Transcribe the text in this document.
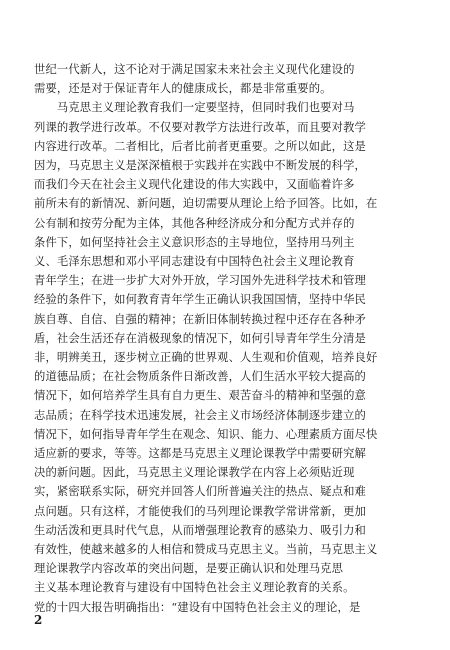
世纪一代新人，这不论对于满足国家未来社会主义现代化建设的
需要，还是对于保证青年人的健康成长，都是非常重要的。
　　马克思主义理论教育我们一定要坚持，但同时我们也要对马
列课的教学进行改革。不仅要对教学方法进行改革，而且要对教学
内容进行改革。二者相比，后者比前者更重要。之所以如此，这是
因为，马克思主义是深深植根于实践并在实践中不断发展的科学，
而我们今天在社会主义现代化建设的伟大实践中，又面临着许多
前所未有的新情况、新问题，迫切需要从理论上给予回答。比如，在
公有制和按劳分配为主体，其他各种经济成分和分配方式并存的
条件下，如何坚持社会主义意识形态的主导地位，坚持用马列主
义、毛泽东思想和邓小平同志建设有中国特色社会主义理论教育
青年学生；在进一步扩大对外开放，学习国外先进科学技术和管理
经验的条件下，如何教育青年学生正确认识我国国情，坚持中华民
族自尊、自信、自强的精神；在新旧体制转换过程中还存在各种矛
盾，社会生活还存在消极现象的情况下，如何引导青年学生分清是
非，明辨美丑，逐步树立正确的世界观、人生观和价值观，培养良好
的道德品质；在社会物质条件日渐改善，人们生活水平较大提高的
情况下，如何培养学生具有自力更生、艰苦奋斗的精神和坚强的意
志品质；在科学技术迅速发展，社会主义市场经济体制逐步建立的
情况下，如何指导青年学生在观念、知识、能力、心理素质方面尽快
适应新的要求，等等。这都是马克思主义理论课教学中需要研究解
决的新问题。因此，马克思主义理论课教学在内容上必须贴近现
实，紧密联系实际，研究并回答人们所普遍关注的热点、疑点和难
点问题。只有这样，才能使我们的马列理论课教学常讲常新，更加
生动活泼和更具时代气息，从而增强理论教育的感染力、吸引力和
有效性，使越来越多的人相信和赞成马克思主义。当前，马克思主义
理论课教学内容改革的突出问题，是要正确认识和处理马克思
主义基本理论教育与建设有中国特色社会主义理论教育的关系。
党的十四大报告明确指出：“建设有中国特色社会主义的理论，是
2
